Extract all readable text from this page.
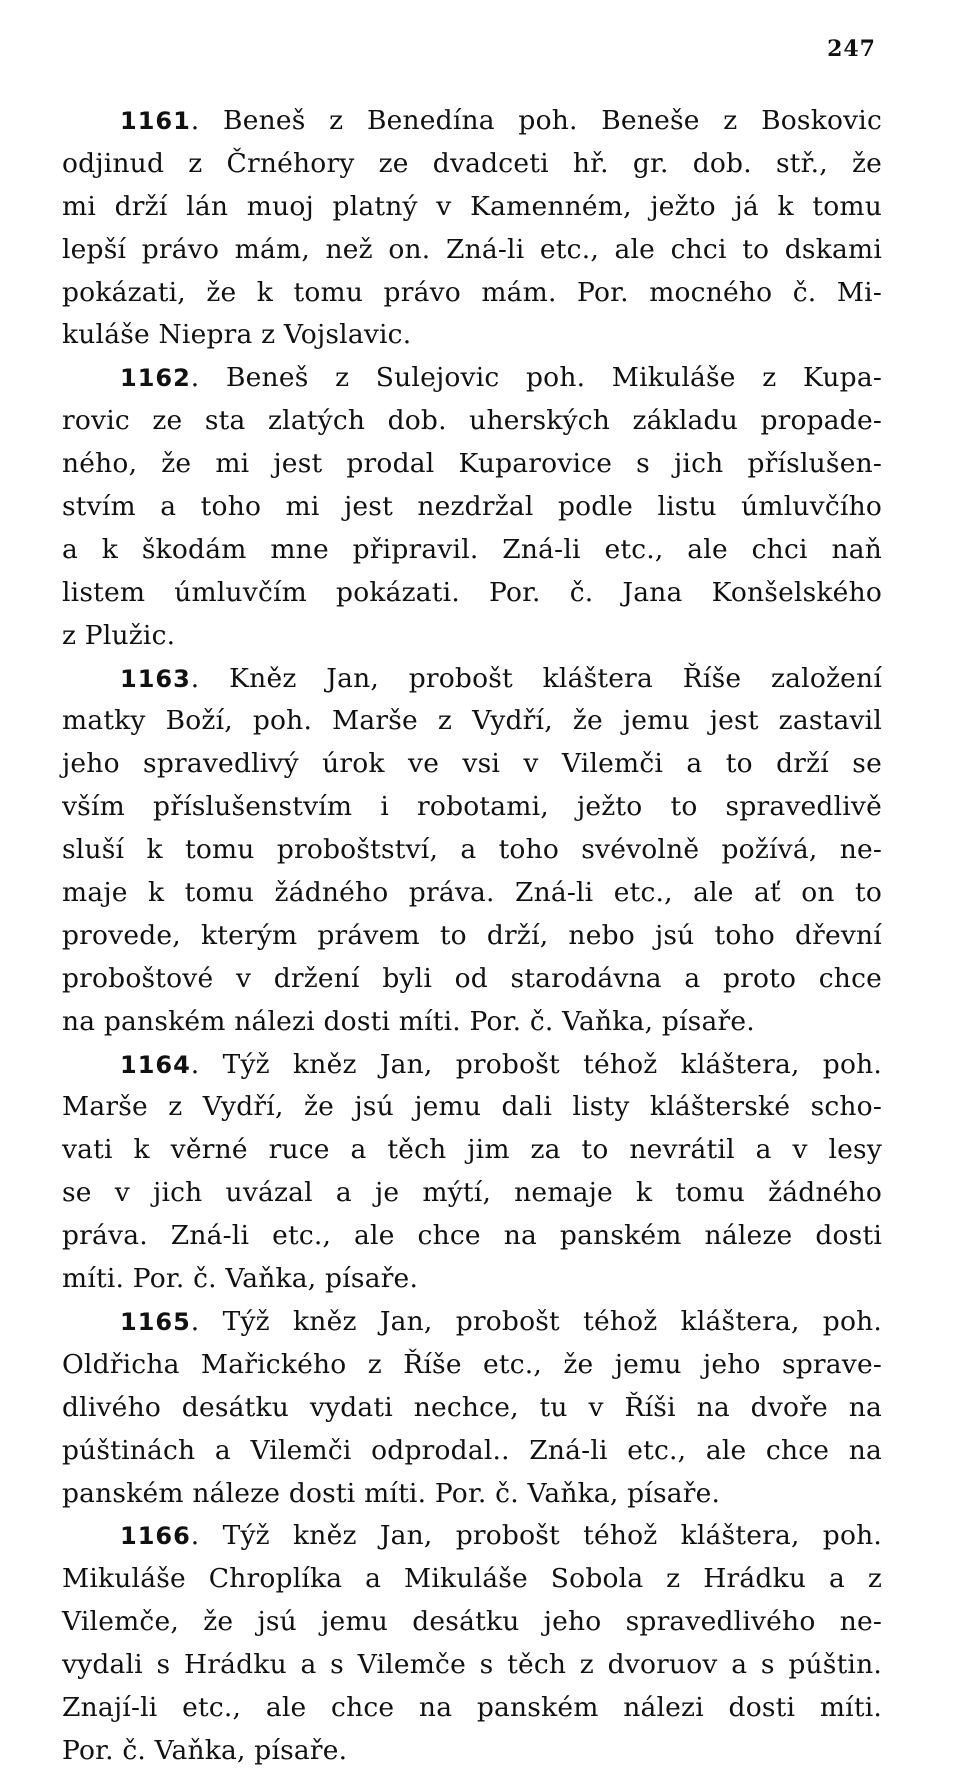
247
1161. Beneš z Benedína poh. Beneše z Boskovic
odjinud z Črnéhory ze dvadceti hř. gr. dob. stř., že
mi drží lán muoj platný v Kamenném, ježto já k tomu
lepší právo mám, než on. Zná-li etc., ale chci to dskami
pokázati, že k tomu právo mám. Por. mocného č. Mi-
kuláše Niepra z Vojslavic.
1162. Beneš z Sulejovic poh. Mikuláše z Kupa-
rovic ze sta zlatých dob. uherských základu propade-
ného, že mi jest prodal Kuparovice s jich příslušen-
stvím a toho mi jest nezdržal podle listu úmluvčího
a k škodám mne připravil. Zná-li etc., ale chci naň
listem úmluvčím pokázati. Por. č. Jana Konšelského
z Plužic.
1163. Kněz Jan, probošt kláštera Říše založení
matky Boží, poh. Marše z Vydří, že jemu jest zastavil
jeho spravedlivý úrok ve vsi v Vilemči a to drží se
vším příslušenstvím i robotami, ježto to spravedlivě
sluší k tomu proboštství, a toho svévolně požívá, ne-
maje k tomu žádného práva. Zná-li etc., ale ať on to
provede, kterým právem to drží, nebo jsú toho dřevní
proboštové v držení byli od starodávna a proto chce
na panském nálezi dosti míti. Por. č. Vaňka, písaře.
1164. Týž kněz Jan, probošt téhož kláštera, poh.
Marše z Vydří, že jsú jemu dali listy klášterské scho-
vati k věrné ruce a těch jim za to nevrátil a v lesy
se v jich uvázal a je mýtí, nemaje k tomu žádného
práva. Zná-li etc., ale chce na panském náleze dosti
míti. Por. č. Vaňka, písaře.
1165. Týž kněz Jan, probošt téhož kláštera, poh.
Oldřicha Mařického z Říše etc., že jemu jeho sprave-
dlivého desátku vydati nechce, tu v Říši na dvoře na
púštinách a Vilemči odprodal.. Zná-li etc., ale chce na
panském náleze dosti míti. Por. č. Vaňka, písaře.
1166. Týž kněz Jan, probošt téhož kláštera, poh.
Mikuláše Chroplíka a Mikuláše Sobola z Hrádku a z
Vilemče, že jsú jemu desátku jeho spravedlivého ne-
vydali s Hrádku a s Vilemče s těch z dvoruov a s púštin.
Znají-li etc., ale chce na panském nálezi dosti míti.
Por. č. Vaňka, písaře.
